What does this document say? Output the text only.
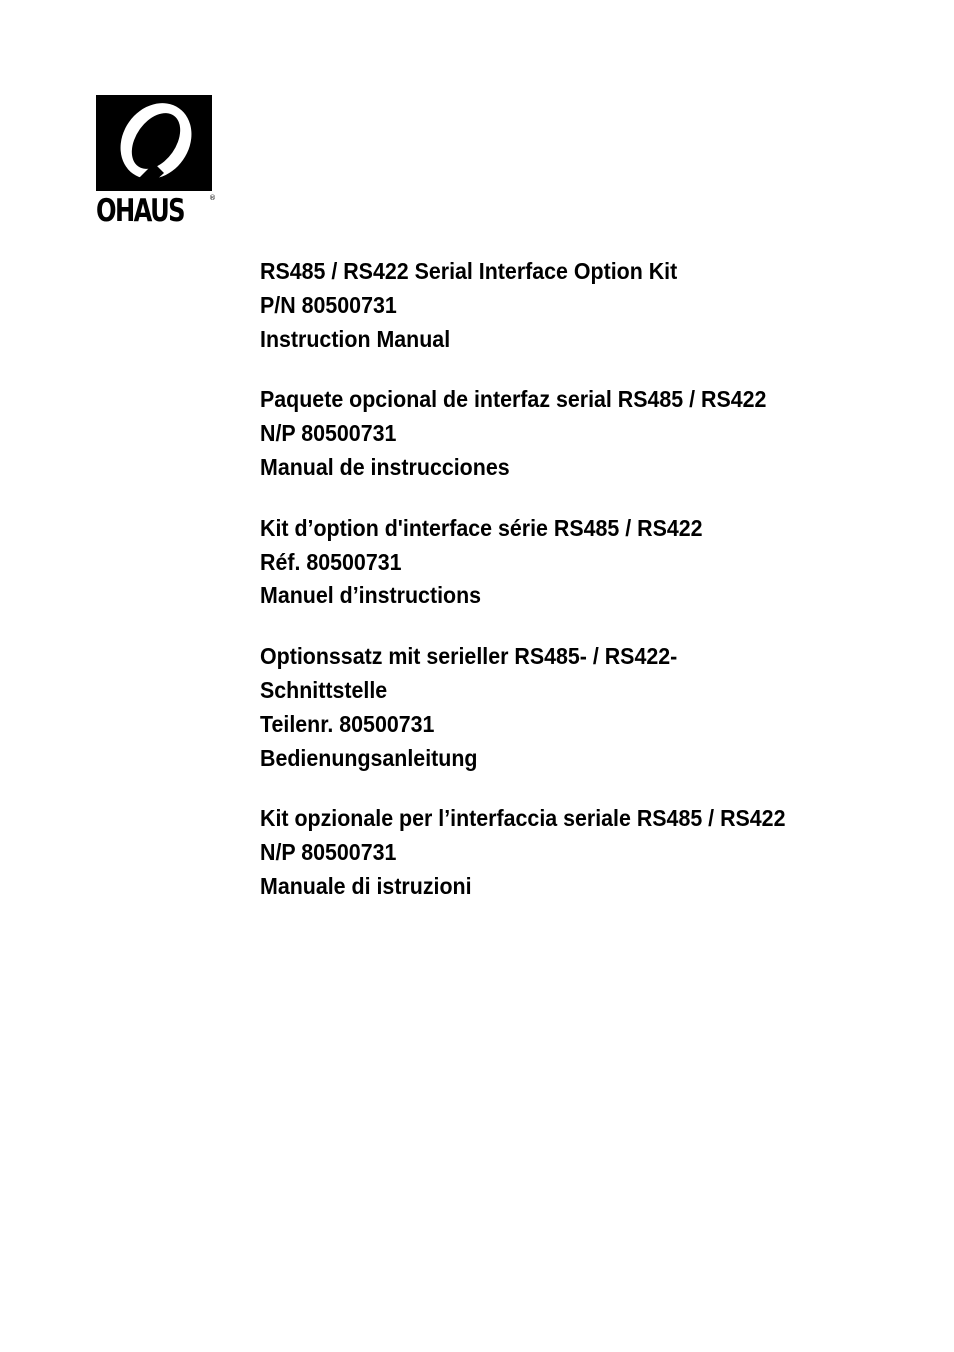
OHAUS	®
RS485 / RS422 Serial Interface Option Kit
P/N 80500731
Instruction Manual
Paquete opcional de interfaz serial RS485 / RS422
N/P 80500731
Manual de instrucciones
Kit d’option d'interface série RS485 / RS422
Réf. 80500731
Manuel d’instructions
Optionssatz mit serieller RS485- / RS422-
Schnittstelle
Teilenr. 80500731
Bedienungsanleitung
Kit opzionale per l’interfaccia seriale RS485 / RS422
N/P 80500731
Manuale di istruzioni
